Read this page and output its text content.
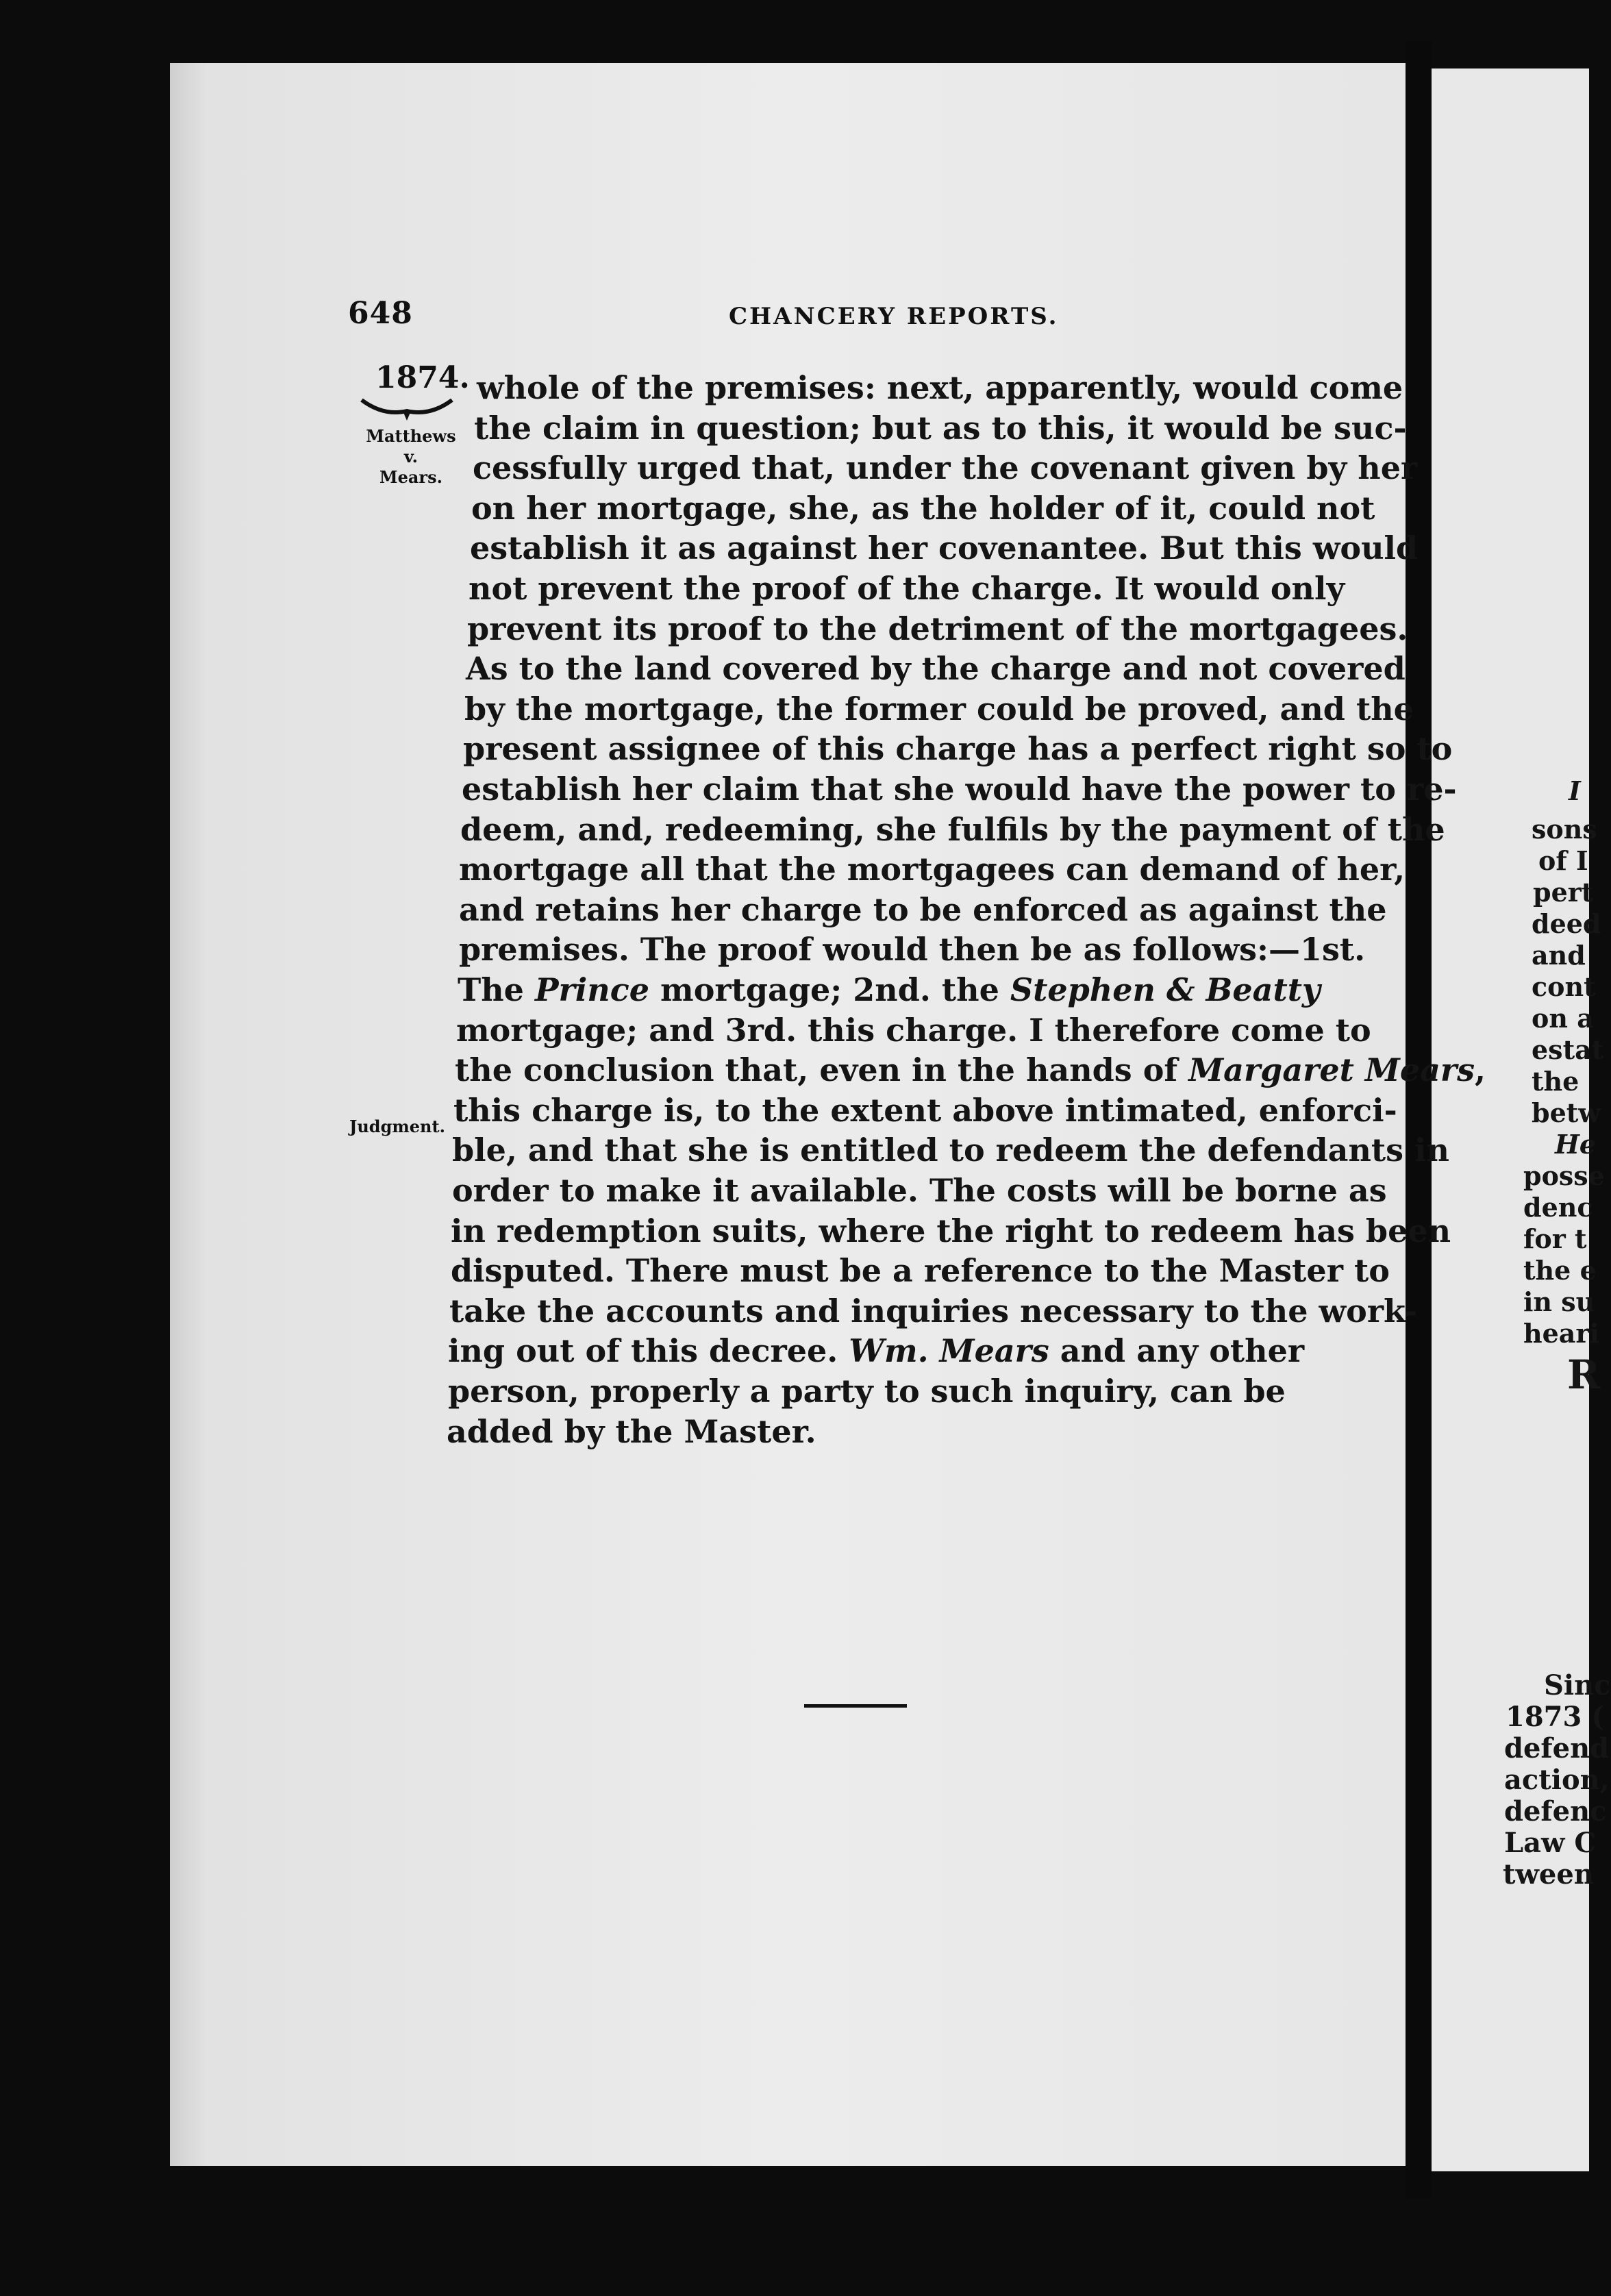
648	CHANCERY REPORTS.
1874.
Matthews
v.
Mears.
Judgment.
whole of the premises: next, apparently, would come
the claim in question; but as to this, it would be suc-
cessfully urged that, under the covenant given by her
on her mortgage, she, as the holder of it, could not
establish it as against her covenantee. But this would
not prevent the proof of the charge. It would only
prevent its proof to the detriment of the mortgagees.
As to the land covered by the charge and not covered
by the mortgage, the former could be proved, and the
present assignee of this charge has a perfect right so to
establish her claim that she would have the power to re-
deem, and, redeeming, she fulfils by the payment of the
mortgage all that the mortgagees can demand of her,
and retains her charge to be enforced as against the
premises. The proof would then be as follows:—1st.
The Prince mortgage; 2nd. the Stephen & Beatty
mortgage; and 3rd. this charge. I therefore come to
the conclusion that, even in the hands of Margaret Mears,
this charge is, to the extent above intimated, enforci-
ble, and that she is entitled to redeem the defendants in
order to make it available. The costs will be borne as
in redemption suits, where the right to redeem has been
disputed. There must be a reference to the Master to
take the accounts and inquiries necessary to the work-
ing out of this decree. Wm. Mears and any other
person, properly a party to such inquiry, can be
added by the Master.
I
sons
of I
pert
deed
and
cont
on a
estat
the
betw
He
posse
denc
for t
the e
in su
heari
R
Sinc
1873 (
defend
action,
defenc
Law C
tween
